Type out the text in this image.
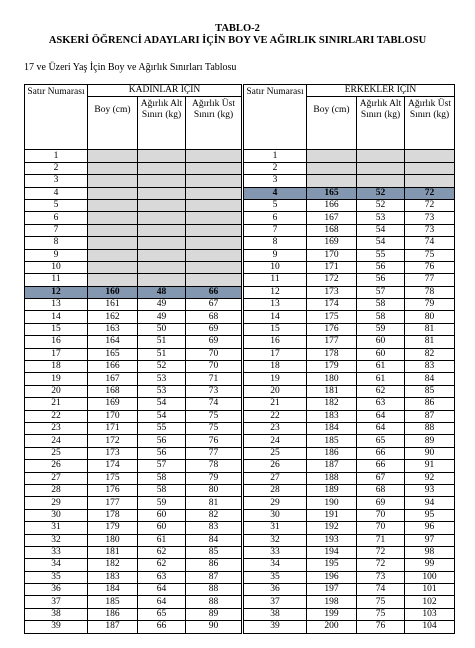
TABLO-2
ASKERİ ÖĞRENCİ ADAYLARI İÇİN BOY VE AĞIRLIK SINIRLARI TABLOSU
17 ve Üzeri Yaş İçin Boy ve Ağırlık Sınırları Tablosu
Satır Numarası	KADINLAR İÇİN				Satır Numarası	ERKEKLER İÇİN		
	Boy (cm)	Ağırlık Alt Sınırı (kg)	Ağırlık Üst Sınırı (kg)			Boy (cm)	Ağırlık Alt Sınırı (kg)	Ağırlık Üst Sınırı (kg)
1					1			
2					2			
3					3			
4					4	165	52	72
5					5	166	52	72
6					6	167	53	73
7					7	168	54	73
8					8	169	54	74
9					9	170	55	75
10					10	171	56	76
11					11	172	56	77
12	160	48	66		12	173	57	78
13	161	49	67		13	174	58	79
14	162	49	68		14	175	58	80
15	163	50	69		15	176	59	81
16	164	51	69		16	177	60	81
17	165	51	70		17	178	60	82
18	166	52	70		18	179	61	83
19	167	53	71		19	180	61	84
20	168	53	73		20	181	62	85
21	169	54	74		21	182	63	86
22	170	54	75		22	183	64	87
23	171	55	75		23	184	64	88
24	172	56	76		24	185	65	89
25	173	56	77		25	186	66	90
26	174	57	78		26	187	66	91
27	175	58	79		27	188	67	92
28	176	58	80		28	189	68	93
29	177	59	81		29	190	69	94
30	178	60	82		30	191	70	95
31	179	60	83		31	192	70	96
32	180	61	84		32	193	71	97
33	181	62	85		33	194	72	98
34	182	62	86		34	195	72	99
35	183	63	87		35	196	73	100
36	184	64	88		36	197	74	101
37	185	64	88		37	198	75	102
38	186	65	89		38	199	75	103
39	187	66	90		39	200	76	104
